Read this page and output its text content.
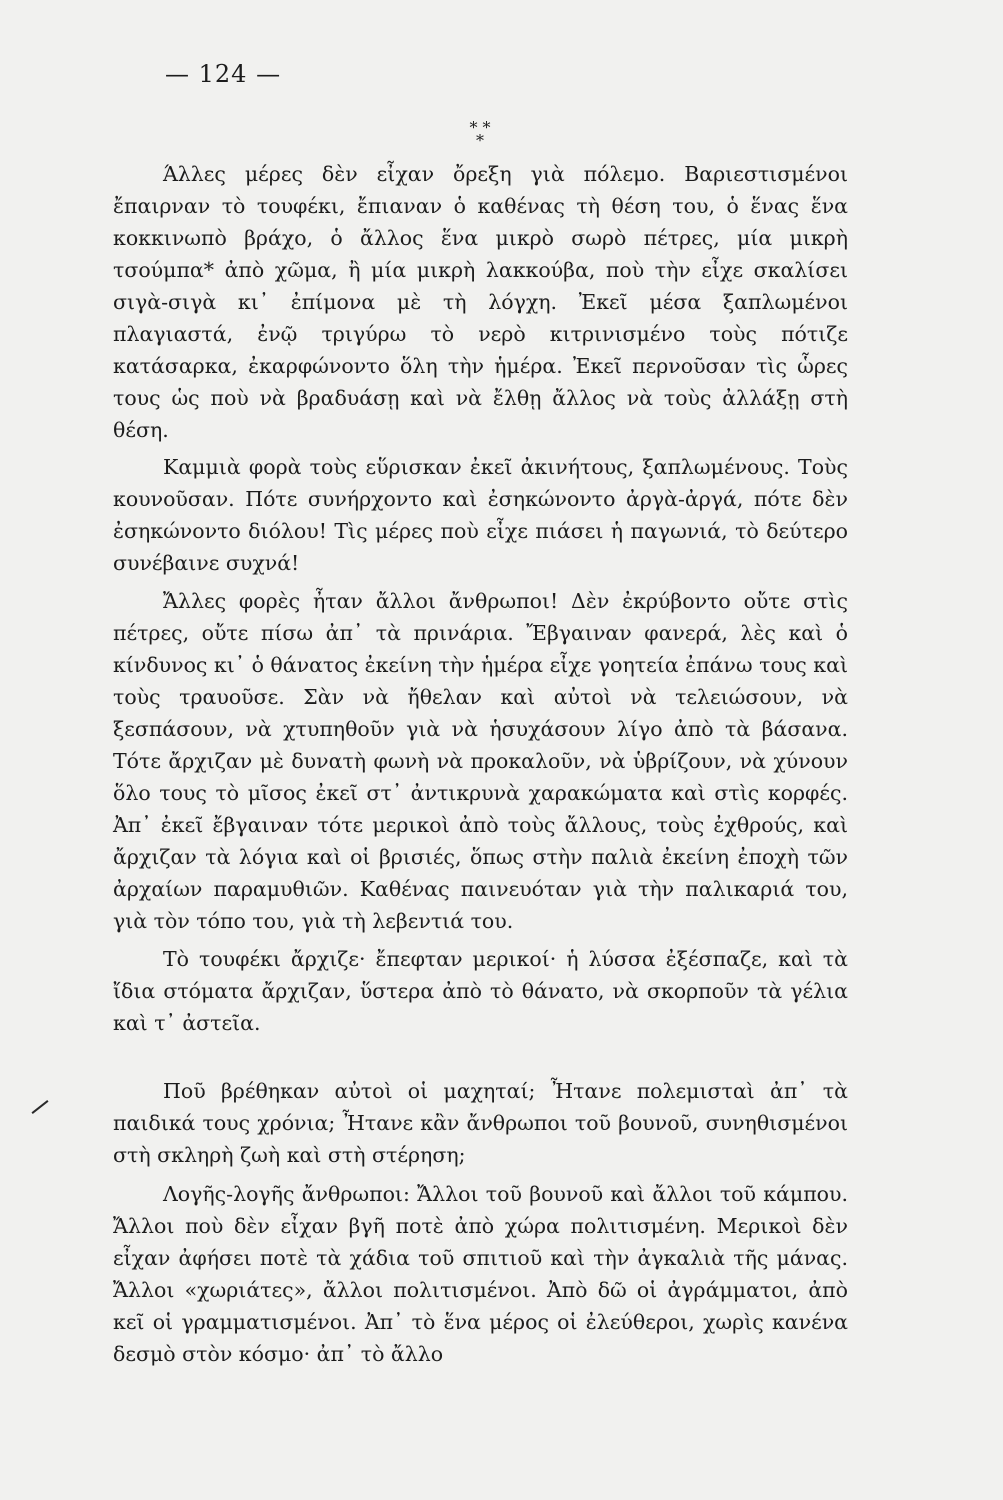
— 124 —
* * *

Άλλες μέρες δὲν εἶχαν ὄρεξη γιὰ πόλεμο. Βαριεστισμένοι ἔπαιρναν τὸ τουφέκι, ἔπιαναν ὁ καθένας τὴ θέση του, ὁ ἕνας ἕνα κοκκινωπὸ βράχο, ὁ ἄλλος ἕνα μικρὸ σωρὸ πέτρες, μία μικρὴ τσούμπα* ἀπὸ χῶμα, ἢ μία μικρὴ λακκούβα, ποὺ τὴν εἶχε σκαλίσει σιγὰ-σιγὰ κι᾽ ἐπίμονα μὲ τὴ λόγχη. Ἐκεῖ μέσα ξαπλωμένοι πλαγιαστά, ἐνῷ τριγύρω τὸ νερὸ κιτρινισμένο τοὺς πότιζε κατάσαρκα, ἐκαρφώνοντο ὅλη τὴν ἡμέρα. Ἐκεῖ περνοῦσαν τὶς ὧρες τους ὡς ποὺ νὰ βραδυάσῃ καὶ νὰ ἔλθῃ ἄλλος νὰ τοὺς ἀλλάξῃ στὴ θέση.

Καμμιὰ φορὰ τοὺς εὕρισκαν ἐκεῖ ἀκινήτους, ξαπλωμένους. Τοὺς κουνοῦσαν. Πότε συνήρχοντο καὶ ἐσηκώνοντο ἀργὰ-ἀργά, πότε δὲν ἐσηκώνοντο διόλου! Τὶς μέρες ποὺ εἶχε πιάσει ἡ παγωνιά, τὸ δεύτερο συνέβαινε συχνά!

Ἄλλες φορὲς ἦταν ἄλλοι ἄνθρωποι! Δὲν ἐκρύβοντο οὔτε στὶς πέτρες, οὔτε πίσω ἀπ᾽ τὰ πρινάρια. Ἔβγαιναν φανερά, λὲς καὶ ὁ κίνδυνος κι᾽ ὁ θάνατος ἐκείνη τὴν ἡμέρα εἶχε γοητεία ἐπάνω τους καὶ τοὺς τραυοῦσε. Σὰν νὰ ἤθελαν καὶ αὐτοὶ νὰ τελειώσουν, νὰ ξεσπάσουν, νὰ χτυπηθοῦν γιὰ νὰ ἡσυχάσουν λίγο ἀπὸ τὰ βάσανα. Τότε ἄρχιζαν μὲ δυνατὴ φωνὴ νὰ προκαλοῦν, νὰ ὑβρίζουν, νὰ χύνουν ὅλο τους τὸ μῖσος ἐκεῖ στ᾽ ἀντικρυνὰ χαρακώματα καὶ στὶς κορφές. Ἀπ᾽ ἐκεῖ ἔβγαιναν τότε μερικοὶ ἀπὸ τοὺς ἄλλους, τοὺς ἐχθρούς, καὶ ἄρχιζαν τὰ λόγια καὶ οἱ βρισιές, ὅπως στὴν παλιὰ ἐκείνη ἐποχὴ τῶν ἀρχαίων παραμυθιῶν. Καθένας παινευόταν γιὰ τὴν παλικαριά του, γιὰ τὸν τόπο του, γιὰ τὴ λεβεντιά του.

Τὸ τουφέκι ἄρχιζε· ἔπεφταν μερικοί· ἡ λύσσα ἐξέσπαζε, καὶ τὰ ἴδια στόματα ἄρχιζαν, ὕστερα ἀπὸ τὸ θάνατο, νὰ σκορποῦν τὰ γέλια καὶ τ᾽ ἀστεῖα.

Ποῦ βρέθηκαν αὐτοὶ οἱ μαχηταί; Ἦτανε πολεμισταὶ ἀπ᾽ τὰ παιδικά τους χρόνια; Ἦτανε κἂν ἄνθρωποι τοῦ βουνοῦ, συνηθισμένοι στὴ σκληρὴ ζωὴ καὶ στὴ στέρηση;

Λογῆς-λογῆς ἄνθρωποι: Ἄλλοι τοῦ βουνοῦ καὶ ἄλλοι τοῦ κάμπου. Ἄλλοι ποὺ δὲν εἶχαν βγῆ ποτὲ ἀπὸ χώρα πολιτισμένη. Μερικοὶ δὲν εἶχαν ἀφήσει ποτὲ τὰ χάδια τοῦ σπιτιοῦ καὶ τὴν ἀγκαλιὰ τῆς μάνας. Ἄλλοι «χωριάτες», ἄλλοι πολιτισμένοι. Ἀπὸ δῶ οἱ ἀγράμματοι, ἀπὸ κεῖ οἱ γραμματισμένοι. Ἀπ᾽ τὸ ἕνα μέρος οἱ ἐλεύθεροι, χωρὶς κανένα δεσμὸ στὸν κόσμο· ἀπ᾽ τὸ ἄλλο
